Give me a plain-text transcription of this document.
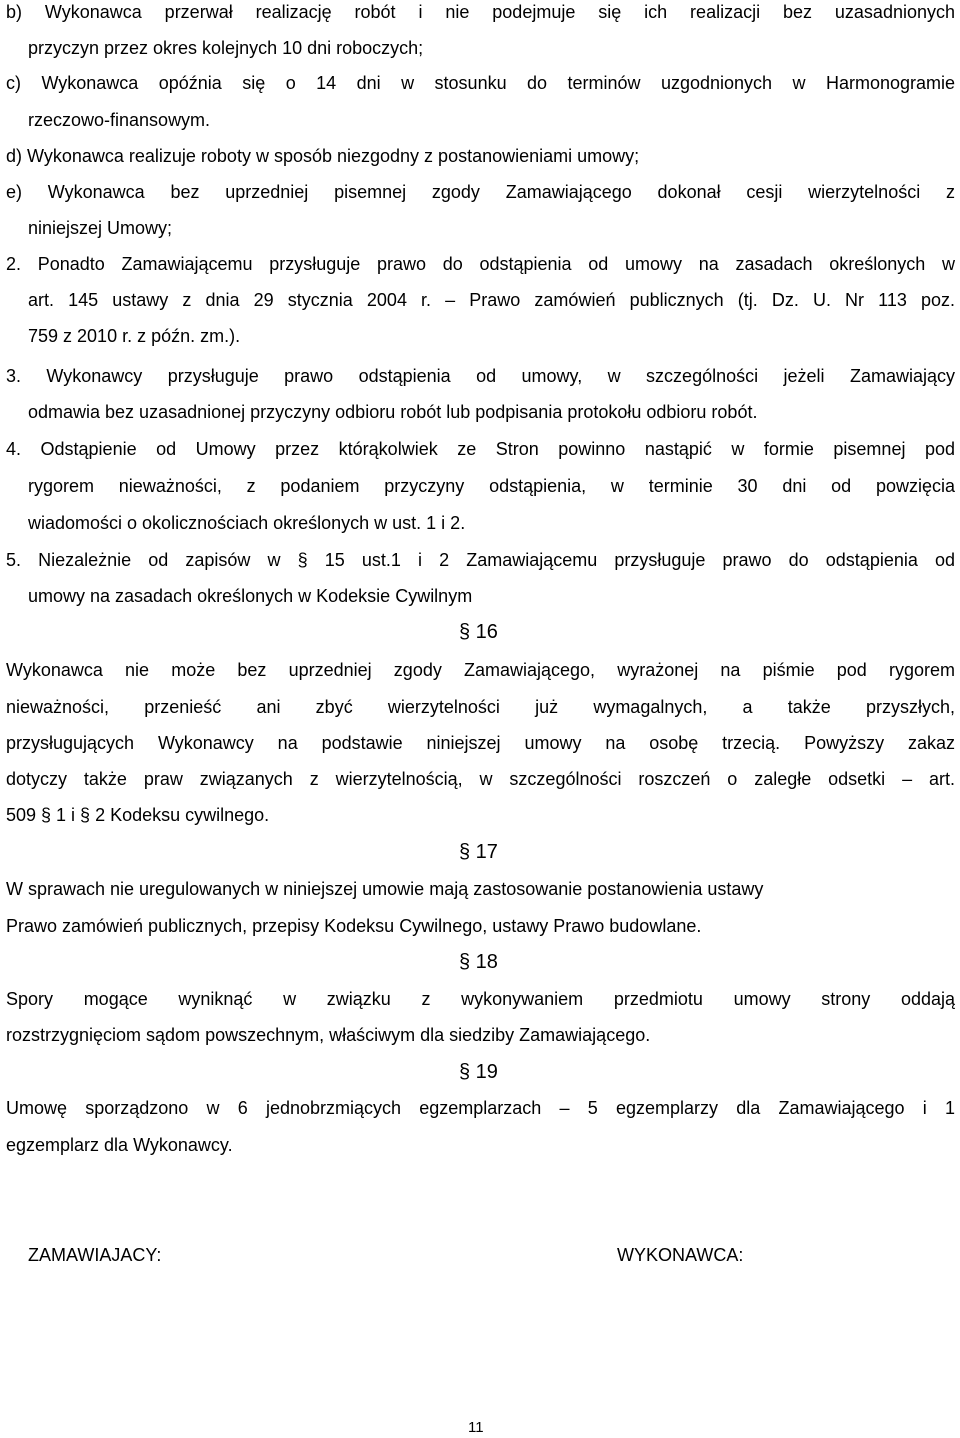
b) Wykonawca przerwał realizację robót i nie podejmuje się ich realizacji bez uzasadnionych
przyczyn przez okres kolejnych 10 dni roboczych;
c) Wykonawca opóźnia się o 14 dni w stosunku do terminów uzgodnionych w Harmonogramie
rzeczowo-finansowym.
d) Wykonawca realizuje roboty w sposób niezgodny z postanowieniami umowy;
e) Wykonawca bez uprzedniej pisemnej zgody Zamawiającego dokonał cesji wierzytelności z
niniejszej Umowy;
2. Ponadto Zamawiającemu przysługuje prawo do odstąpienia od umowy na zasadach określonych w
art. 145 ustawy z dnia 29 stycznia 2004 r. – Prawo zamówień publicznych (tj. Dz. U. Nr 113 poz.
759 z 2010 r. z późn. zm.).
3. Wykonawcy przysługuje prawo odstąpienia od umowy, w szczególności jeżeli Zamawiający
odmawia bez uzasadnionej przyczyny odbioru robót lub podpisania protokołu odbioru robót.
4. Odstąpienie od Umowy przez którąkolwiek ze Stron powinno nastąpić w formie pisemnej pod
rygorem nieważności, z podaniem przyczyny odstąpienia, w terminie 30 dni od powzięcia
wiadomości o okolicznościach określonych w ust. 1 i 2.
5. Niezależnie od zapisów w § 15 ust.1 i 2 Zamawiającemu przysługuje prawo do odstąpienia od
umowy na zasadach określonych w Kodeksie Cywilnym
§ 16
Wykonawca nie może bez uprzedniej zgody Zamawiającego, wyrażonej na piśmie pod rygorem
nieważności, przenieść ani zbyć wierzytelności już wymagalnych, a także przyszłych,
przysługujących Wykonawcy na podstawie niniejszej umowy na osobę trzecią. Powyższy zakaz
dotyczy także praw związanych z wierzytelnością, w szczególności roszczeń o zaległe odsetki – art.
509 § 1 i § 2 Kodeksu cywilnego.
§ 17
W sprawach nie uregulowanych w niniejszej umowie mają zastosowanie postanowienia ustawy
Prawo zamówień publicznych, przepisy Kodeksu Cywilnego, ustawy Prawo budowlane.
§ 18
Spory mogące wyniknąć w związku z wykonywaniem przedmiotu umowy strony oddają
rozstrzygnięciom sądom powszechnym, właściwym dla siedziby Zamawiającego.
§ 19
Umowę sporządzono w 6 jednobrzmiących egzemplarzach – 5 egzemplarzy dla Zamawiającego i 1
egzemplarz dla Wykonawcy.
ZAMAWIAJACY:	WYKONAWCA:
11
